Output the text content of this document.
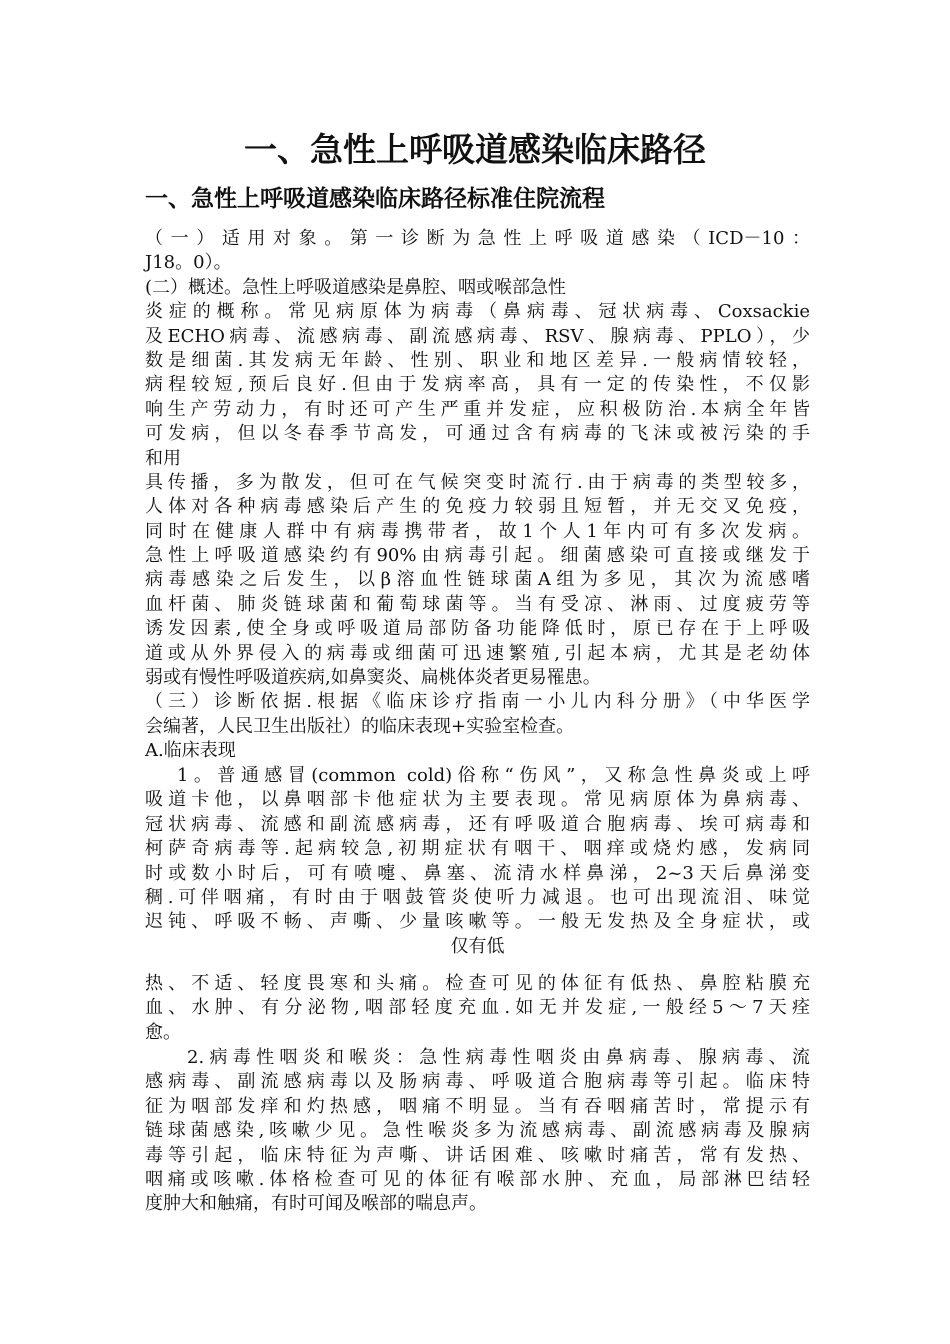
一、急性上呼吸道感染临床路径
一、急性上呼吸道感染临床路径标准住院流程
（一）适用对象。第一诊断为急性上呼吸道感染（ICD－10：
J18。0）。
(二）概述。急性上呼吸道感染是鼻腔、咽或喉部急性
炎症的概称。常见病原体为病毒（鼻病毒、冠状病毒、Coxsackie
及ECHO病毒、流感病毒、副流感病毒、RSV、腺病毒、PPLO），少
数是细菌.其发病无年龄、性别、职业和地区差异.一般病情较轻，
病程较短,预后良好.但由于发病率高，具有一定的传染性，不仅影
响生产劳动力，有时还可产生严重并发症，应积极防治.本病全年皆
可发病，但以冬春季节高发，可通过含有病毒的飞沫或被污染的手
和用
具传播，多为散发，但可在气候突变时流行.由于病毒的类型较多，
人体对各种病毒感染后产生的免疫力较弱且短暂，并无交叉免疫，
同时在健康人群中有病毒携带者，故1个人1年内可有多次发病。
急性上呼吸道感染约有90%由病毒引起。细菌感染可直接或继发于
病毒感染之后发生，以β溶血性链球菌A组为多见，其次为流感嗜
血杆菌、肺炎链球菌和葡萄球菌等。当有受凉、淋雨、过度疲劳等
诱发因素,使全身或呼吸道局部防备功能降低时，原已存在于上呼吸
道或从外界侵入的病毒或细菌可迅速繁殖,引起本病，尤其是老幼体
弱或有慢性呼吸道疾病,如鼻窦炎、扁桃体炎者更易罹患。
（三）诊断依据.根据《临床诊疗指南一小儿内科分册》（中华医学
会编著，人民卫生出版社）的临床表现+实验室检查。
A.临床表现
1。普通感冒(common cold)俗称“伤风”，又称急性鼻炎或上呼
吸道卡他，以鼻咽部卡他症状为主要表现。常见病原体为鼻病毒、
冠状病毒、流感和副流感病毒，还有呼吸道合胞病毒、埃可病毒和
柯萨奇病毒等.起病较急,初期症状有咽干、咽痒或烧灼感，发病同
时或数小时后，可有喷嚏、鼻塞、流清水样鼻涕，2~3天后鼻涕变
稠.可伴咽痛，有时由于咽鼓管炎使听力减退。也可出现流泪、味觉
迟钝、呼吸不畅、声嘶、少量咳嗽等。一般无发热及全身症状，或
仅有低
热、不适、轻度畏寒和头痛。检查可见的体征有低热、鼻腔粘膜充
血、水肿、有分泌物,咽部轻度充血.如无并发症,一般经5～7天痊
愈。
2.病毒性咽炎和喉炎：急性病毒性咽炎由鼻病毒、腺病毒、流
感病毒、副流感病毒以及肠病毒、呼吸道合胞病毒等引起。临床特
征为咽部发痒和灼热感，咽痛不明显。当有吞咽痛苦时，常提示有
链球菌感染,咳嗽少见。急性喉炎多为流感病毒、副流感病毒及腺病
毒等引起，临床特征为声嘶、讲话困难、咳嗽时痛苦，常有发热、
咽痛或咳嗽.体格检查可见的体征有喉部水肿、充血，局部淋巴结轻
度肿大和触痛，有时可闻及喉部的喘息声。
